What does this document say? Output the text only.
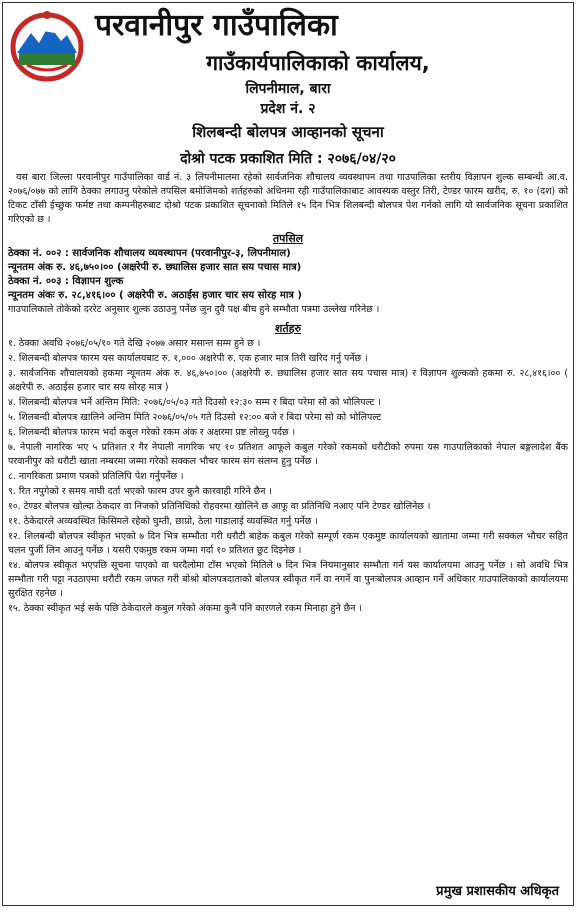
परवानीपुर गाउँपालिका
गाउँकार्यपालिकाको कार्यालय,
लिपनीमाल, बारा
प्रदेश नं. २
शिलबन्दी बोलपत्र आव्हानको सूचना
दोश्रो पटक प्रकाशित मिति : २०७६/०४/२०

यस बारा जिल्ला परवानीपुर गाउँपालिका वार्ड नं. ३ लिपनीमालमा रहेको सार्वजनिक शौचालय व्यवस्थापन तथा गाउपालिका स्तरीय विज्ञापन शुल्क सम्बन्धी आ.व. २०७६/०७७ को लागि ठेक्का लगाउनु परेकोले तपसिल बमोजिमको शर्तहरुको अधिनमा रही गाउँपालिकाबाट आवस्यक वस्तुर तिरी, टेण्डर फारम खरीद, रु. १० (दश) को टिकट टाँसी ईच्छुक फर्मष्ट तथा कम्पनीहरुबाट दोश्रो पटक प्रकाशित सूचनाको मितिले १५ दिन भित्र शिलबन्दी बोलपत्र पेश गर्नको लागि यो सार्वजनिक सूचना प्रकाशित गरिएको छ ।

तपसिल
ठेक्का नं. ००२ : सार्वजनिक शौचालय व्यवस्थापन (परवानीपुर-३, लिपनीमाल)
न्यूनतम अंक रु. ४६,७५०।०० (अक्षरेपी रु. छ्यालिस हजार सात सय पचास मात्र)
ठेक्का नं. ००३ : विज्ञापन शुल्क
न्यूनतम अंकः रु. २८,४१६।०० ( अक्षरेपी रु. अठाईस हजार चार सय सोरह मात्र )
गाउपालिकाले तोकेको दररेट अनुसार शुल्क उठाउनु पर्नेछ जुन दुवै पक्ष बीच हुने सम्भौता पत्रमा उल्लेख गरिनेछ ।
शर्तहरु
१. ठेक्का अवधि २०७६/०५/१० गते देखि २०७७ असार मसान्त सम्म हुने छ ।
२. शिलबन्दी बोलपत्र फारम यस कार्यालयबाट रु. १,००० अक्षरेपी रु. एक हजार मात्र तिरी खरिद गर्नु पर्नेछ ।
३. सार्वजनिक शौचालयको हकमा न्यूनतम अंक रु. ४६,७५०।०० (अक्षरेपी रु. छ्यालिस हजार सात सय पचास मात्र) र विज्ञापन शुल्कको हकमा रु. २८,४१६।०० ( अक्षरेपी रु. अठाईस हजार चार सय सोरह मात्र )
४. शिलबन्दी बोलपत्र भर्ने अन्तिम मिति: २०७६/०५/०३ गते दिउसो १२:३० सम्म र बिदा परेमा सो को भोलिपल्ट ।
५. शिलबन्दी बोलपत्र खालिने अन्तिम मिति २०७६/०५/०५ गते दिउसो १२:०० बजे र बिदा परेमा सो को भोलिपल्ट
६. शिलबन्दी बोलपत्र फारम भर्दा कबुल गरेको रकम अंक र अक्षरमा प्रष्ट लोख्नु पर्दछ ।
७. नेपाली नागरिक भए ५ प्रतिशत र गैर नेपाली नागरिक भए १० प्रतिशत आफूले कबुल गरेको रकमको धरौटीको रुपमा यस गाउपालिकाको नेपाल बङ्गलादेश बैंक परवानीपुर को धरौटी खाता नम्बरमा जम्मा गरेको सक्कल भौचर फारम संग संलग्न हुनु पर्नेछ ।
८. नागरिकता प्रमाण पत्रको प्रतिलिपि पेश गर्नुपर्नेछ ।
९. रित नपुगेको र समय नाघी दर्ता भएको फारम उपर कुनै कारवाही गरिने छैन ।
१०. टेण्डर बोलपत्र खोल्दा ठेकदार वा निजको प्रतिनिधिको रोहवरमा खोलिने छ आफू वा प्रतिनिधि नआए पनि टेण्डर खोलिनेछ ।
११. ठेकेदारले अव्यवस्थित किसिमले रहेको घुम्ती, छाप्रो, ठेला गाडालाई व्यवस्थित गर्नु पर्नेछ ।
१२. शिलबन्दी बोलपत्र स्वीकृत भएको ७ दिन भित्र सम्भौता गरी धरौटी बाहेक कबुल गरेको सम्पूर्ण रकम एकमुष्ट कार्यालयको खातामा जम्मा गरी सक्कल भौचर सहित चलन पुर्जी लिन आउनु पर्नेछ । यसरी एकमुष्ठ रकम जम्मा गर्दा १० प्रतिशत छुट दिइनेछ ।
१४. बोलपत्र स्वीकृत भएपछि सूचना पाएको वा घरदैलोमा टाँस भएको मितिले ७ दिन भित्र नियमानुसार सम्भौता गर्न यस कार्यालयमा आउनु पर्नेछ । सो अवधि भित्र सम्भौता गरी पट्टा नउठाएमा धरौटी रकम जफत गरी बोश्रो बोलपत्रदाताको बोलपत्र स्वीकृत गर्ने वा नगर्ने वा पुनःबोलपत्र आव्हान गर्ने अधिकार गाउपालिकाको कार्यालयमा सुरक्षित रहनेछ ।
१५. ठेक्का स्वीकृत भई सके पछि ठेकेदारले कबुल गरेको अंकमा कुनै पनि कारणले रकम मिनाहा हुने छैन ।
प्रमुख प्रशासकीय अधिकृत
